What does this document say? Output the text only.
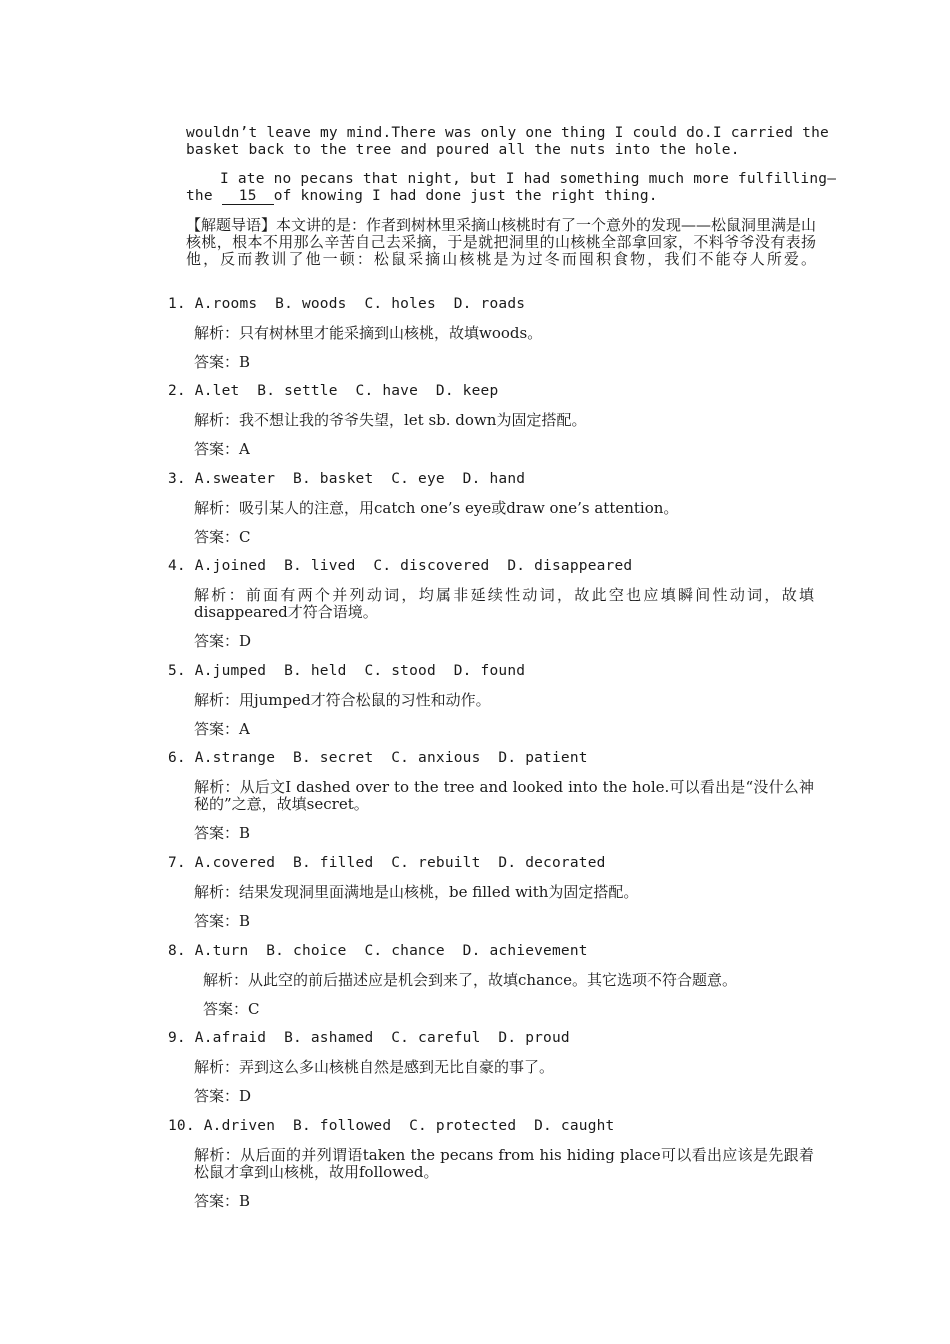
wouldn’t leave my mind.There was only one thing I could do.I carried the
basket back to the tree and poured all the nuts into the hole.
I ate no pecans that night, but I had something much more fulfilling—
the 15 of knowing I had done just the right thing.
【解题导语】本文讲的是：作者到树林里采摘山核桃时有了一个意外的发现——松鼠洞里满是山核桃，根本不用那么辛苦自己去采摘，于是就把洞里的山核桃全部拿回家，不料爷爷没有表扬他，反而教训了他一顿：松鼠采摘山核桃是为过冬而囤积食物，我们不能夺人所爱。
1. A.rooms  B. woods  C. holes  D. roads
解析：只有树林里才能采摘到山核桃，故填woods。
答案：B
2. A.let  B. settle  C. have  D. keep
解析：我不想让我的爷爷失望，let sb. down为固定搭配。
答案：A
3. A.sweater  B. basket  C. eye  D. hand
解析：吸引某人的注意，用catch one’s eye或draw one’s attention。
答案：C
4. A.joined  B. lived  C. discovered  D. disappeared
解析：前面有两个并列动词，均属非延续性动词，故此空也应填瞬间性动词，故填disappeared才符合语境。
答案：D
5. A.jumped  B. held  C. stood  D. found
解析：用jumped才符合松鼠的习性和动作。
答案：A
6. A.strange  B. secret  C. anxious  D. patient
解析：从后文I dashed over to the tree and looked into the hole.可以看出是“没什么神秘的”之意，故填secret。
答案：B
7. A.covered  B. filled  C. rebuilt  D. decorated
解析：结果发现洞里面满地是山核桃，be filled with为固定搭配。
答案：B
8. A.turn  B. choice  C. chance  D. achievement
解析：从此空的前后描述应是机会到来了，故填chance。其它选项不符合题意。
答案：C
9. A.afraid  B. ashamed  C. careful  D. proud
解析：弄到这么多山核桃自然是感到无比自豪的事了。
答案：D
10. A.driven  B. followed  C. protected  D. caught
解析：从后面的并列谓语taken the pecans from his hiding place可以看出应该是先跟着松鼠才拿到山核桃，故用followed。
答案：B
